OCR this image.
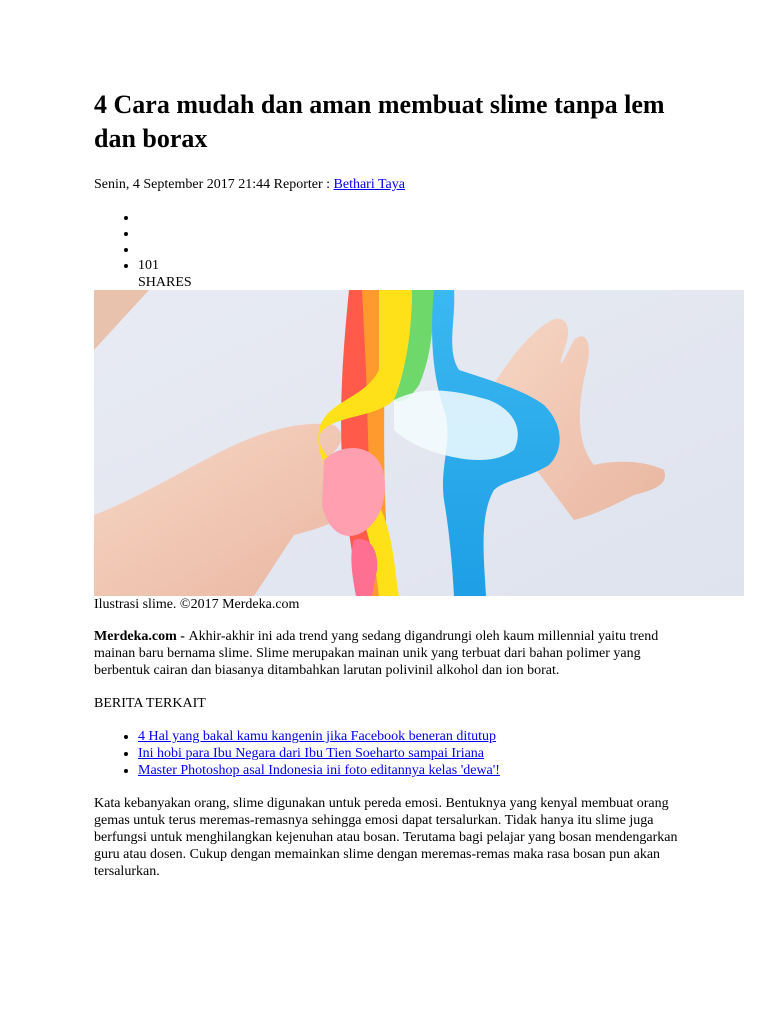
4 Cara mudah dan aman membuat slime tanpa lem dan borax
Senin, 4 September 2017 21:44 Reporter : Bethari Taya
•
•
•
• 101
SHARES
Ilustrasi slime. ©2017 Merdeka.com

Merdeka.com - Akhir-akhir ini ada trend yang sedang digandrungi oleh kaum millennial yaitu trend mainan baru bernama slime. Slime merupakan mainan unik yang terbuat dari bahan polimer yang berbentuk cairan dan biasanya ditambahkan larutan polivinil alkohol dan ion borat.

BERITA TERKAIT

• 4 Hal yang bakal kamu kangenin jika Facebook beneran ditutup
• Ini hobi para Ibu Negara dari Ibu Tien Soeharto sampai Iriana
• Master Photoshop asal Indonesia ini foto editannya kelas 'dewa'!

Kata kebanyakan orang, slime digunakan untuk pereda emosi. Bentuknya yang kenyal membuat orang gemas untuk terus meremas-remasnya sehingga emosi dapat tersalurkan. Tidak hanya itu slime juga berfungsi untuk menghilangkan kejenuhan atau bosan. Terutama bagi pelajar yang bosan mendengarkan guru atau dosen. Cukup dengan memainkan slime dengan meremas-remas maka rasa bosan pun akan tersalurkan.
